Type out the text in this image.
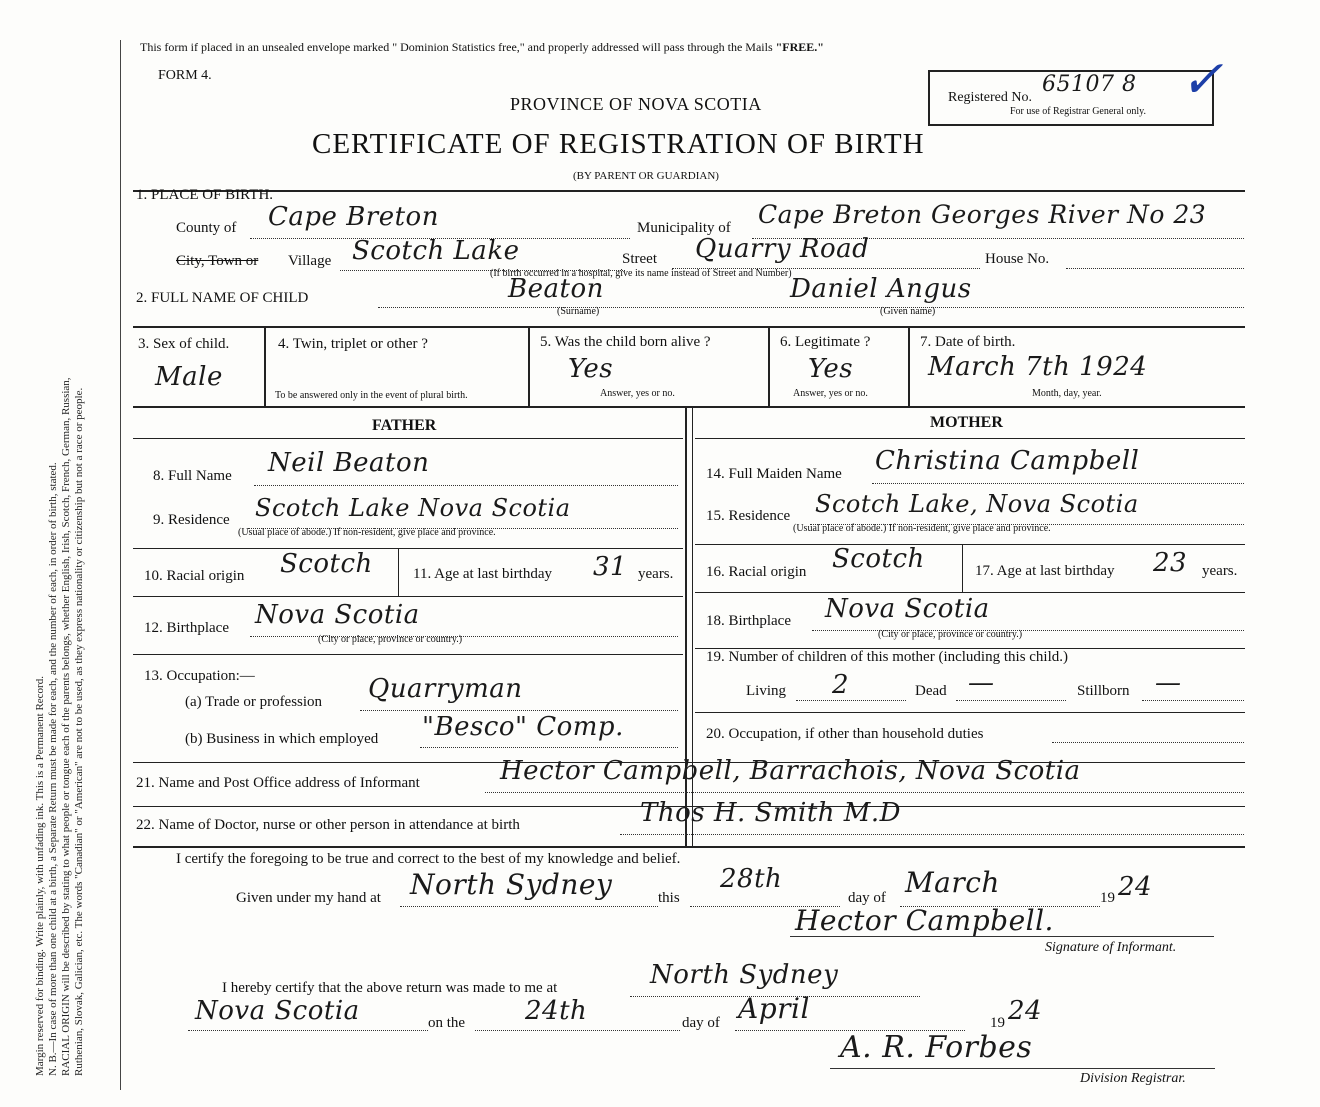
Margin reserved for binding. Write plainly, with unfading ink. This is a Permanent Record. N. B.—In case of more than one child at a birth, a Separate Return must be made for each, and the number of each, in order of birth, stated. RACIAL ORIGIN will be described by stating to what people or tongue each of the parents belongs, whether English, Irish, Scotch, French, German, Russian, Ruthenian, Slovak, Galician, etc. The words "Canadian" or "American" are not to be used, as they express nationality or citizenship but not a race or people.
This form if placed in an unsealed envelope marked " Dominion Statistics free," and properly addressed will pass through the Mails "FREE."
FORM 4.
PROVINCE OF NOVA SCOTIA
CERTIFICATE OF REGISTRATION OF BIRTH
(BY PARENT OR GUARDIAN)
Registered No.
65107 8
For use of Registrar General only.
✓
1. PLACE OF BIRTH.
County of Cape Breton	Municipality of Cape Breton Georges River No 23
City, Town or Village Scotch Lake	Street Quarry Road	House No.
(If birth occurred in a hospital, give its name instead of Street and Number)
2. FULL NAME OF CHILD	Beaton	Daniel Angus
(Surname)	(Given name)
3. Sex of child.
Male
4. Twin, triplet or other ?
To be answered only in the event of plural birth.
5. Was the child born alive ?
Yes
Answer, yes or no.
6. Legitimate ?
Yes
Answer, yes or no.
7. Date of birth.
March 7th 1924
Month, day, year.
FATHER	MOTHER
8. Full Name Neil Beaton
9. Residence Scotch Lake Nova Scotia
(Usual place of abode.) If non-resident, give place and province.
10. Racial origin Scotch	11. Age at last birthday 31 years.
12. Birthplace Nova Scotia
(City or place, province or country.)
13. Occupation:—
(a) Trade or profession Quarryman
(b) Business in which employed "Besco" Comp.
14. Full Maiden Name Christina Campbell
15. Residence Scotch Lake, Nova Scotia
(Usual place of abode.) If non-resident, give place and province.
16. Racial origin Scotch	17. Age at last birthday 23 years.
18. Birthplace Nova Scotia
(City or place, province or country.)
19. Number of children of this mother (including this child.)
Living 2	Dead —	Stillborn —
20. Occupation, if other than household duties
21. Name and Post Office address of Informant	Hector Campbell, Barrachois, Nova Scotia
22. Name of Doctor, nurse or other person in attendance at birth	Thos H. Smith M.D
I certify the foregoing to be true and correct to the best of my knowledge and belief.
Given under my hand at North Sydney	this
28th
day of March	19 24
Hector Campbell.
Signature of Informant.
I hereby certify that the above return was made to me at	North Sydney
Nova Scotia	on the 24th	day of April	19 24
A. R. Forbes
Division Registrar.
